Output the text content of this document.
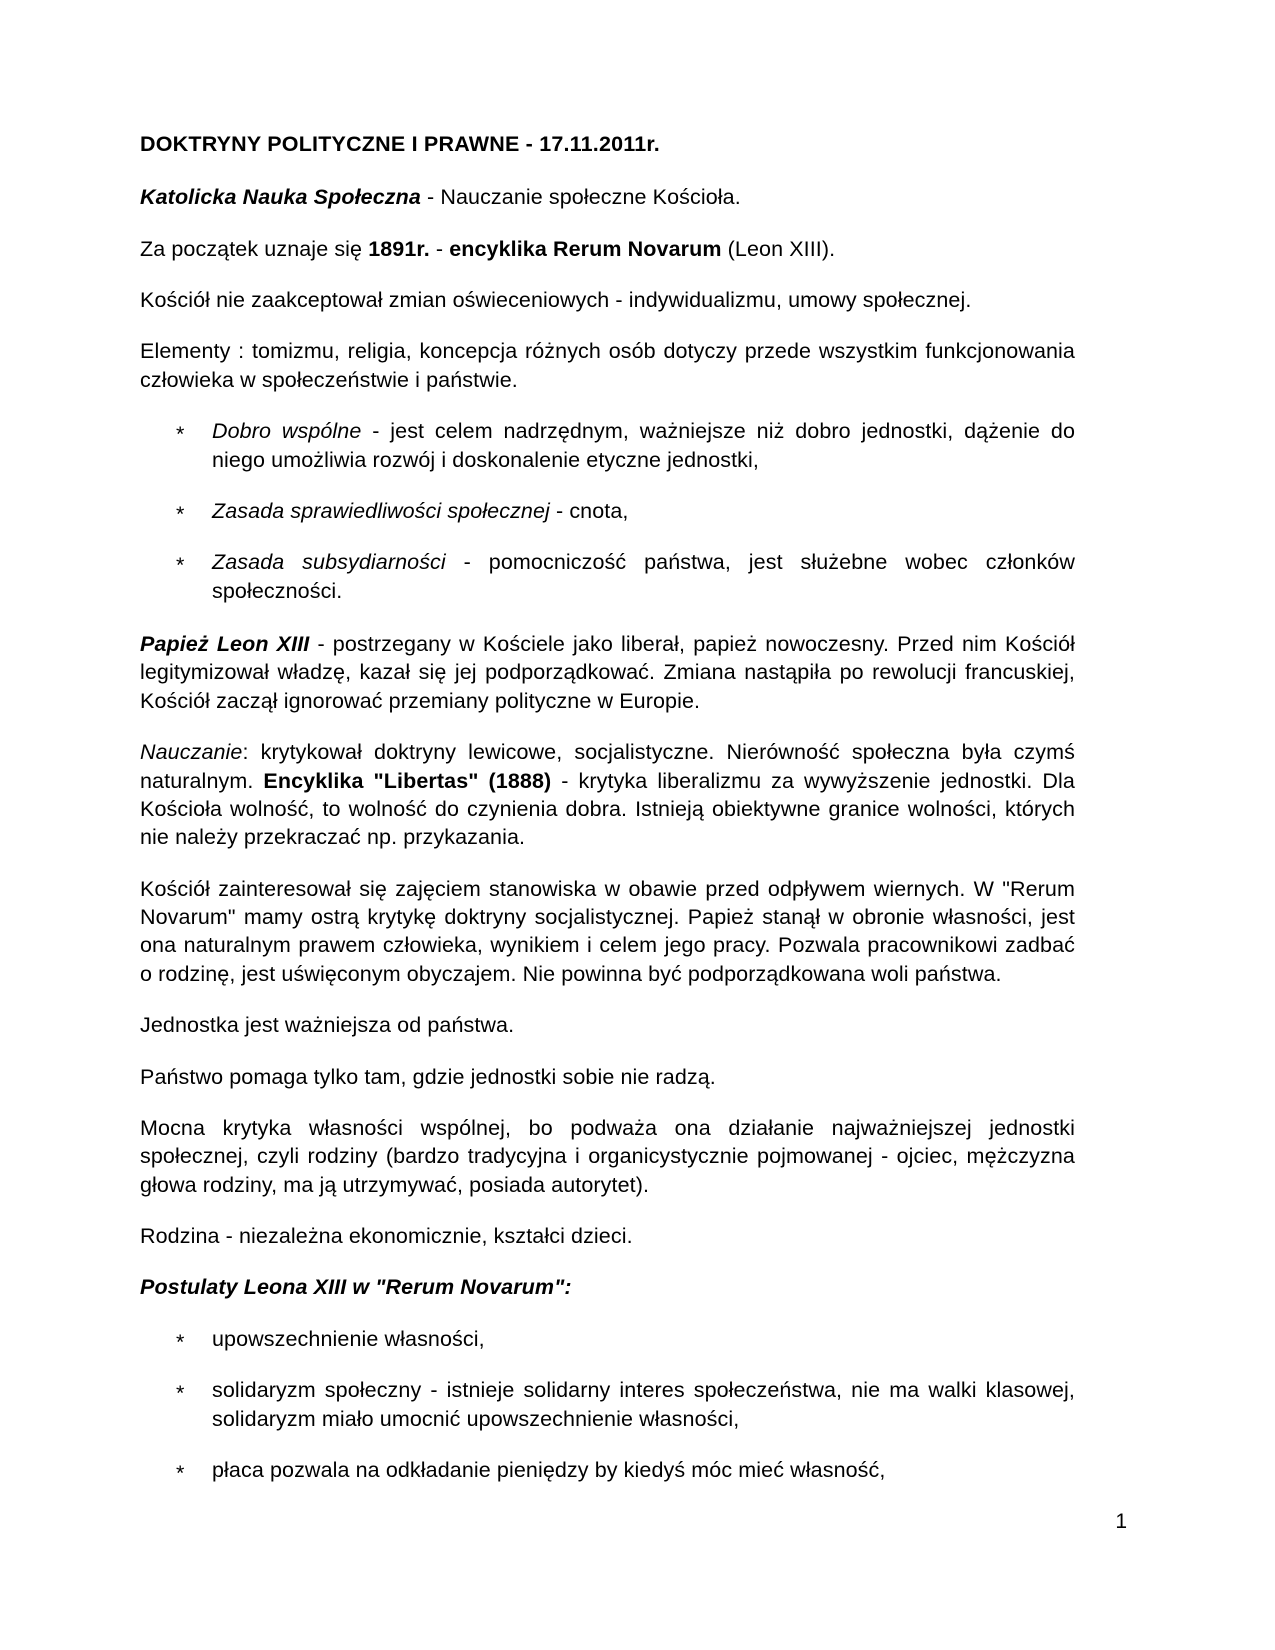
DOKTRYNY POLITYCZNE I PRAWNE - 17.11.2011r.

Katolicka Nauka Społeczna - Nauczanie społeczne Kościoła.

Za początek uznaje się 1891r. - encyklika Rerum Novarum (Leon XIII).

Kościół nie zaakceptował zmian oświeceniowych - indywidualizmu, umowy społecznej.

Elementy : tomizmu, religia, koncepcja różnych osób dotyczy przede wszystkim funkcjonowania człowieka w społeczeństwie i państwie.

* Dobro wspólne - jest celem nadrzędnym, ważniejsze niż dobro jednostki, dążenie do niego umożliwia rozwój i doskonalenie etyczne jednostki,
* Zasada sprawiedliwości społecznej - cnota,
* Zasada subsydiarności - pomocniczość państwa, jest służebne wobec członków społeczności.

Papież Leon XIII - postrzegany w Kościele jako liberał, papież nowoczesny. Przed nim Kościół legitymizował władzę, kazał się jej podporządkować. Zmiana nastąpiła po rewolucji francuskiej, Kościół zaczął ignorować przemiany polityczne w Europie.

Nauczanie: krytykował doktryny lewicowe, socjalistyczne. Nierówność społeczna była czymś naturalnym. Encyklika "Libertas" (1888) - krytyka liberalizmu za wywyższenie jednostki. Dla Kościoła wolność, to wolność do czynienia dobra. Istnieją obiektywne granice wolności, których nie należy przekraczać np. przykazania.

Kościół zainteresował się zajęciem stanowiska w obawie przed odpływem wiernych. W "Rerum Novarum" mamy ostrą krytykę doktryny socjalistycznej. Papież stanął w obronie własności, jest ona naturalnym prawem człowieka, wynikiem i celem jego pracy. Pozwala pracownikowi zadbać o rodzinę, jest uświęconym obyczajem. Nie powinna być podporządkowana woli państwa.

Jednostka jest ważniejsza od państwa.

Państwo pomaga tylko tam, gdzie jednostki sobie nie radzą.

Mocna krytyka własności wspólnej, bo podważa ona działanie najważniejszej jednostki społecznej, czyli rodziny (bardzo tradycyjna i organicystycznie pojmowanej - ojciec, mężczyzna głowa rodziny, ma ją utrzymywać, posiada autorytet).

Rodzina - niezależna ekonomicznie, kształci dzieci.

Postulaty Leona XIII w "Rerum Novarum":

* upowszechnienie własności,
* solidaryzm społeczny - istnieje solidarny interes społeczeństwa, nie ma walki klasowej, solidaryzm miało umocnić upowszechnienie własności,
* płaca pozwala na odkładanie pieniędzy by kiedyś móc mieć własność,
1
